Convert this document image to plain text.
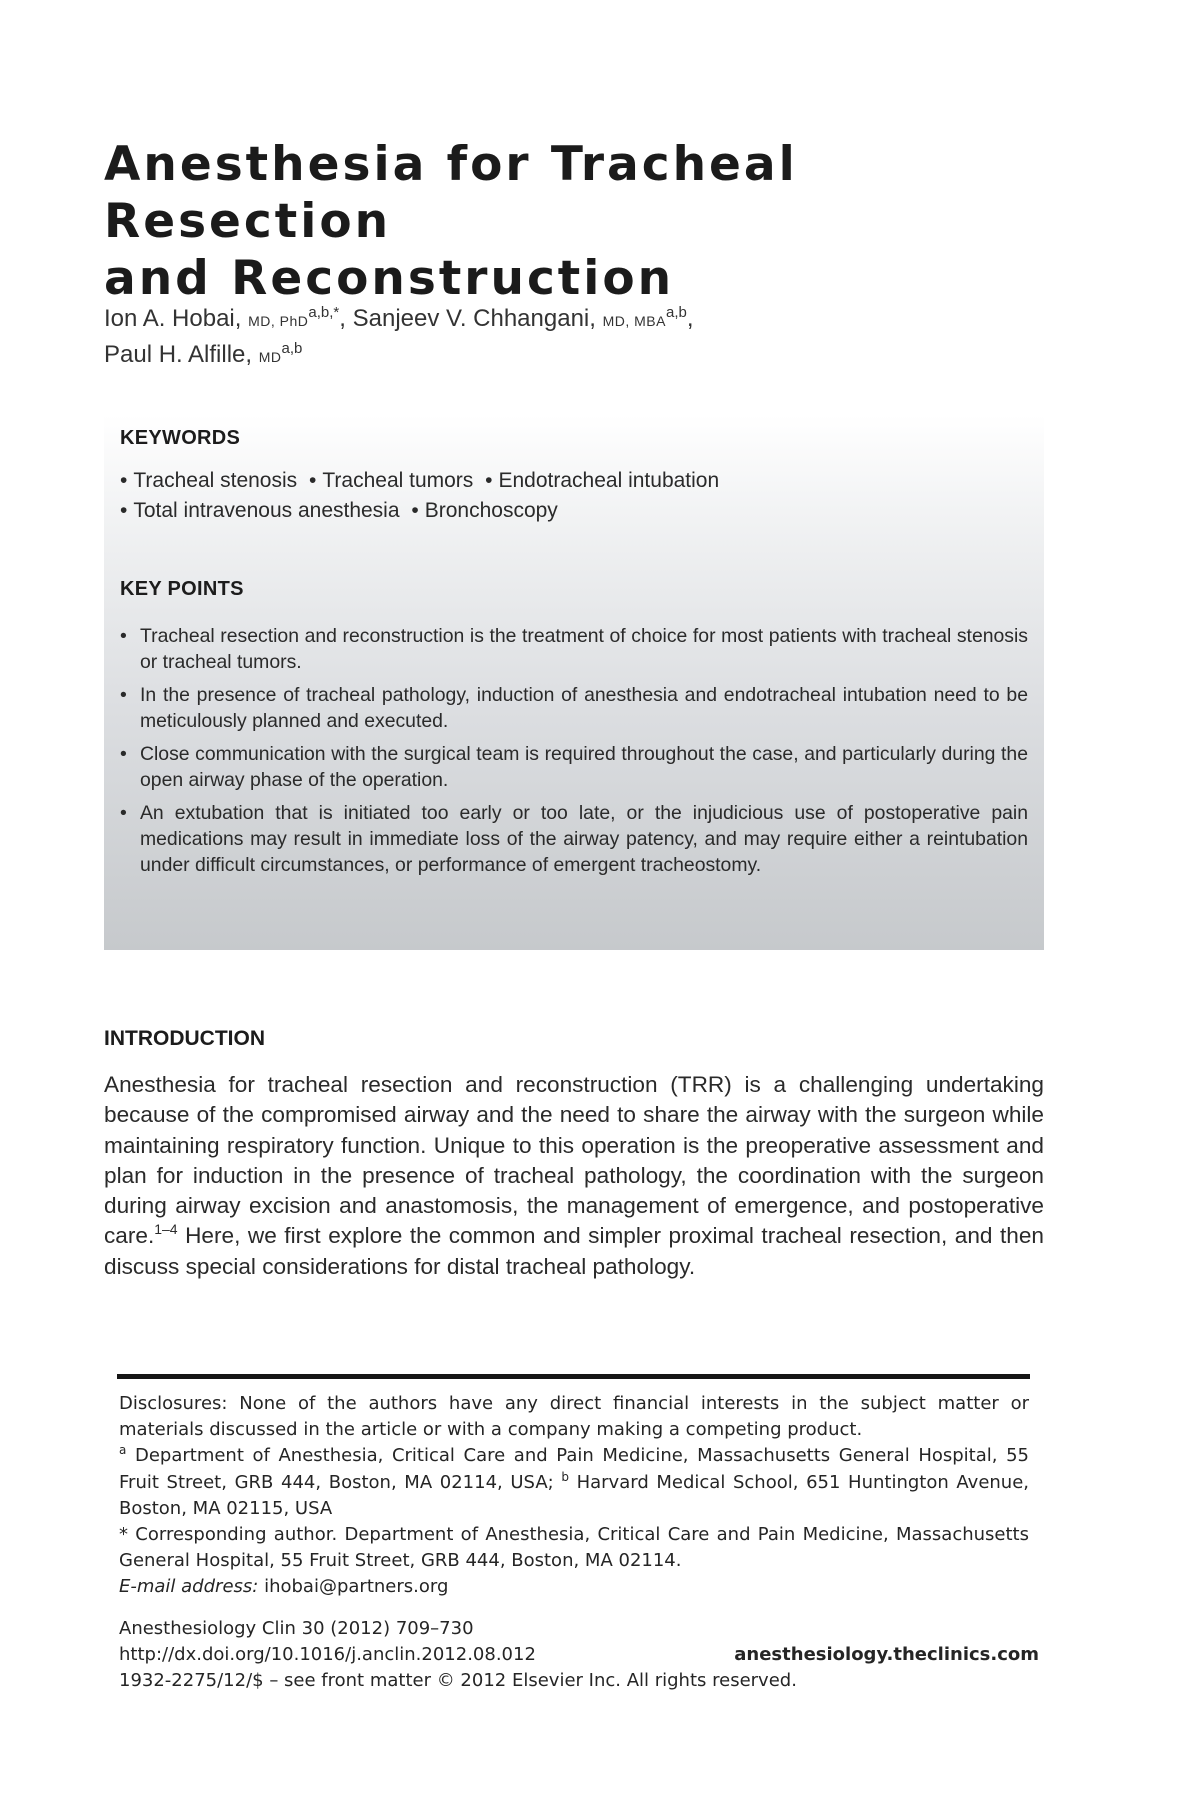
Anesthesia for Tracheal Resection
and Reconstruction
Ion A. Hobai, MD, PhD$^{a,b,*}$, Sanjeev V. Chhangani, MD, MBA$^{a,b}$,
Paul H. Alfille, MD$^{a,b}$
KEYWORDS
• Tracheal stenosis • Tracheal tumors • Endotracheal intubation
• Total intravenous anesthesia • Bronchoscopy
KEY POINTS
• Tracheal resection and reconstruction is the treatment of choice for most patients with tracheal stenosis or tracheal tumors.
• In the presence of tracheal pathology, induction of anesthesia and endotracheal intubation need to be meticulously planned and executed.
• Close communication with the surgical team is required throughout the case, and particularly during the open airway phase of the operation.
• An extubation that is initiated too early or too late, or the injudicious use of postoperative pain medications may result in immediate loss of the airway patency, and may require either a reintubation under difficult circumstances, or performance of emergent tracheostomy.
INTRODUCTION

Anesthesia for tracheal resection and reconstruction (TRR) is a challenging undertaking because of the compromised airway and the need to share the airway with the surgeon while maintaining respiratory function. Unique to this operation is the preoperative assessment and plan for induction in the presence of tracheal pathology, the coordination with the surgeon during airway excision and anastomosis, the management of emergence, and postoperative care.$^{1-4}$ Here, we first explore the common and simpler proximal tracheal resection, and then discuss special considerations for distal tracheal pathology.

Disclosures: None of the authors have any direct financial interests in the subject matter or materials discussed in the article or with a company making a competing product.

$^a$ Department of Anesthesia, Critical Care and Pain Medicine, Massachusetts General Hospital, 55 Fruit Street, GRB 444, Boston, MA 02114, USA; $^b$ Harvard Medical School, 651 Huntington Avenue, Boston, MA 02115, USA

* Corresponding author. Department of Anesthesia, Critical Care and Pain Medicine, Massachusetts General Hospital, 55 Fruit Street, GRB 444, Boston, MA 02114.

E-mail address: ihobai@partners.org

Anesthesiology Clin 30 (2012) 709–730
http://dx.doi.org/10.1016/j.anclin.2012.08.012	anesthesiology.theclinics.com
1932-2275/12/$ – see front matter © 2012 Elsevier Inc. All rights reserved.
